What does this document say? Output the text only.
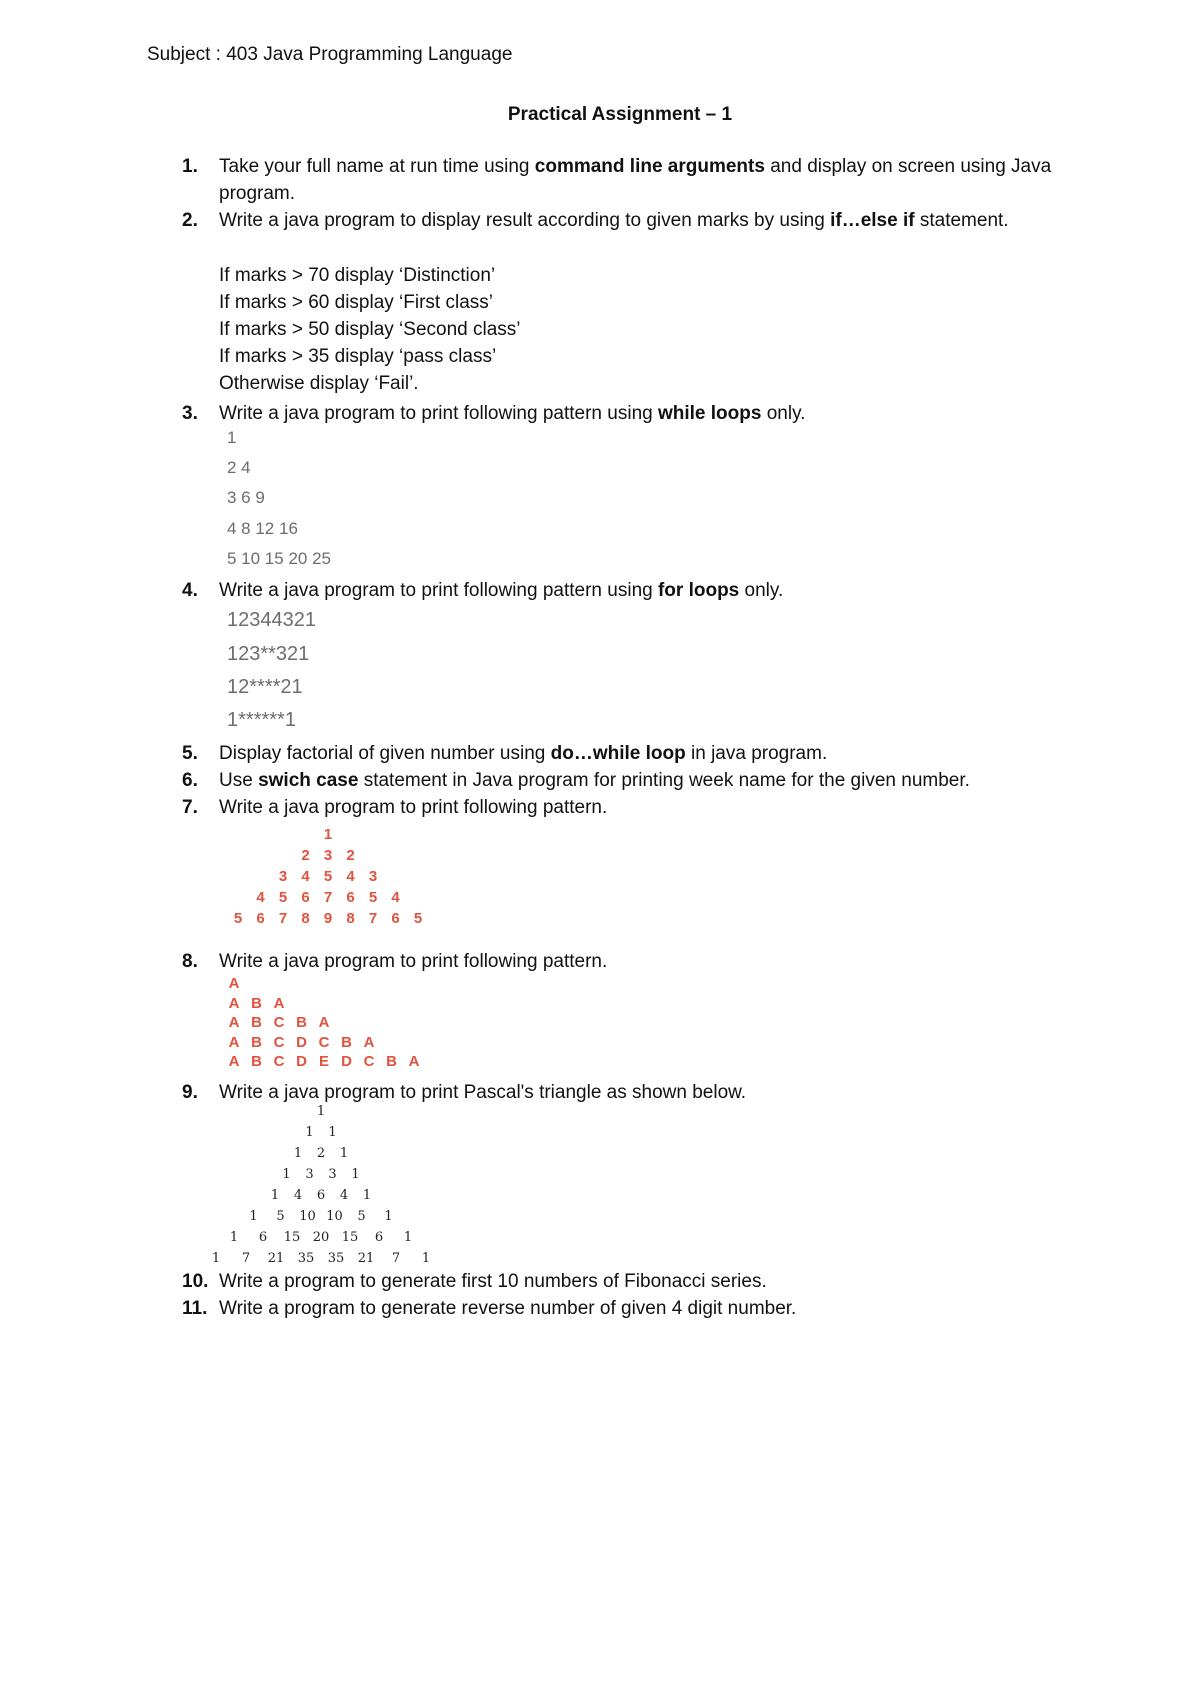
Subject : 403 Java Programming Language
Practical Assignment – 1
1. Take your full name at run time using command line arguments and display on screen using Java program.
2. Write a java program to display result according to given marks by using if…else if statement.
If marks > 70 display ‘Distinction’
If marks > 60 display ‘First class’
If marks > 50 display ‘Second class’
If marks > 35 display ‘pass class’
Otherwise display ‘Fail’.
3. Write a java program to print following pattern using while loops only.
1
2 4
3 6 9
4 8 12 16
5 10 15 20 25
4. Write a java program to print following pattern using for loops only.
12344321
123**321
12****21
1******1
5. Display factorial of given number using do…while loop in java program.
6. Use swich case statement in Java program for printing week name for the given number.
7. Write a java program to print following pattern.
1
2 3 2
3 4 5 4 3
4 5 6 7 6 5 4
5 6 7 8 9 8 7 6 5
8. Write a java program to print following pattern.
A
A B A
A B C B A
A B C D C B A
A B C D E D C B A
9. Write a java program to print Pascal's triangle as shown below.
1
1	1
1	2	1
1	3	3	1
1	4	6	4	1
1	5	10 10	5	1
1	6	15 20 15	6	1
1	7	21	35	35	21	7	1
10. Write a program to generate first 10 numbers of Fibonacci series.
11. Write a program to generate reverse number of given 4 digit number.
